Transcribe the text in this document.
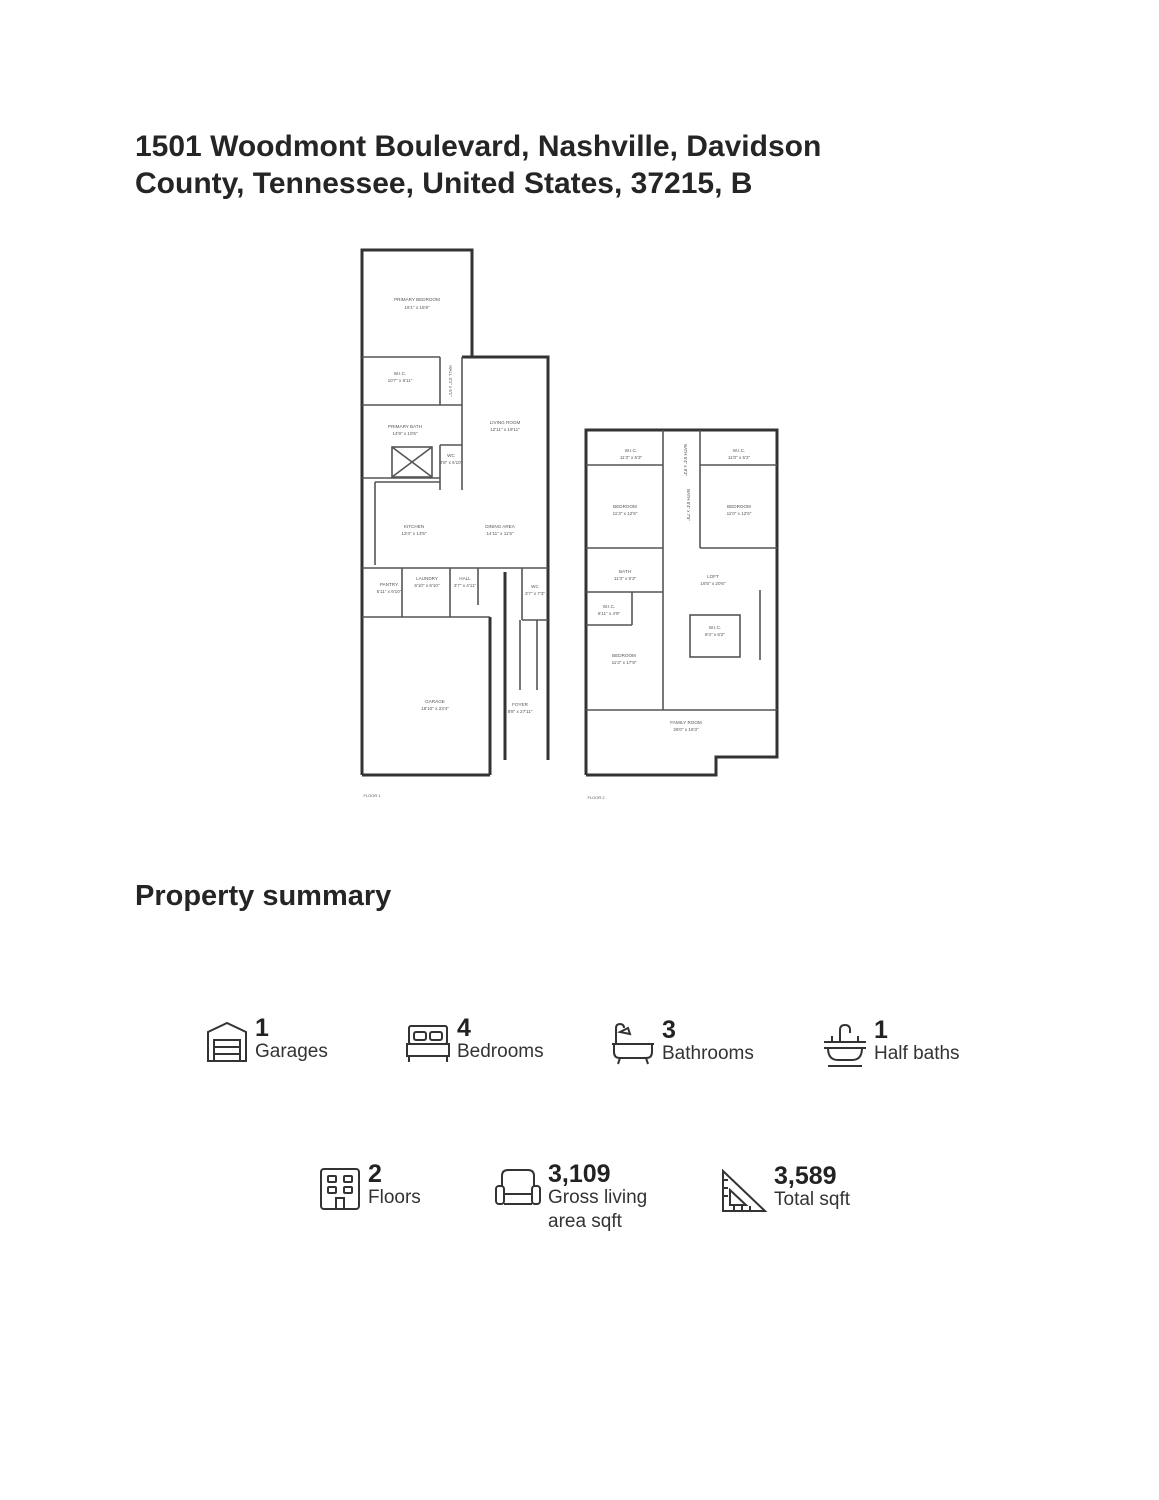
1501 Woodmont Boulevard, Nashville, Davidson
County, Tennessee, United States, 37215, B
PRIMARY BEDROOM
16'1" x 15'9"
W.I.C.
10'7" x 6'11"
LIVING ROOM
12'11" x 19'11"
PRIMARY BATH
14'9" x 10'5"
WC
3'8" x 5'10"
KITCHEN
13'4" x 13'5"
DINING AREA
14'11" x 11'5"
PANTRY
5'11" x 6'10"
LAUNDRY
6'10" x 6'10"
HALL
3'7" x 4'11"	WC
3'7" x 7'3"
GARAGE
18'10" x 23'4"
FOYER
8'8" x 27'11"
W.I.C.
11'3" x 5'3"
W.I.C.
11'0" x 5'2"
BEDROOM
11'3" x 12'5"
BEDROOM
11'0" x 12'5"
BATH
11'3" x 5'3"	LOFT
16'5" x 20'6"
W.I.C.
6'11" x 4'9"
W.I.C.
8'4" x 6'2"
BEDROOM
11'3" x 17'9"
FAMILY ROOM
26'0" x 16'3"
FLOOR 1	FLOOR 2
HALL 3'1" x 6'1"
BATH 5'4" x 8'3"
BATH 5'4" x 7'5"
Property summary
1
Garages
4
Bedrooms
3
Bathrooms
1
Half baths
2
Floors
3,109
Gross living area sqft
3,589
Total sqft
